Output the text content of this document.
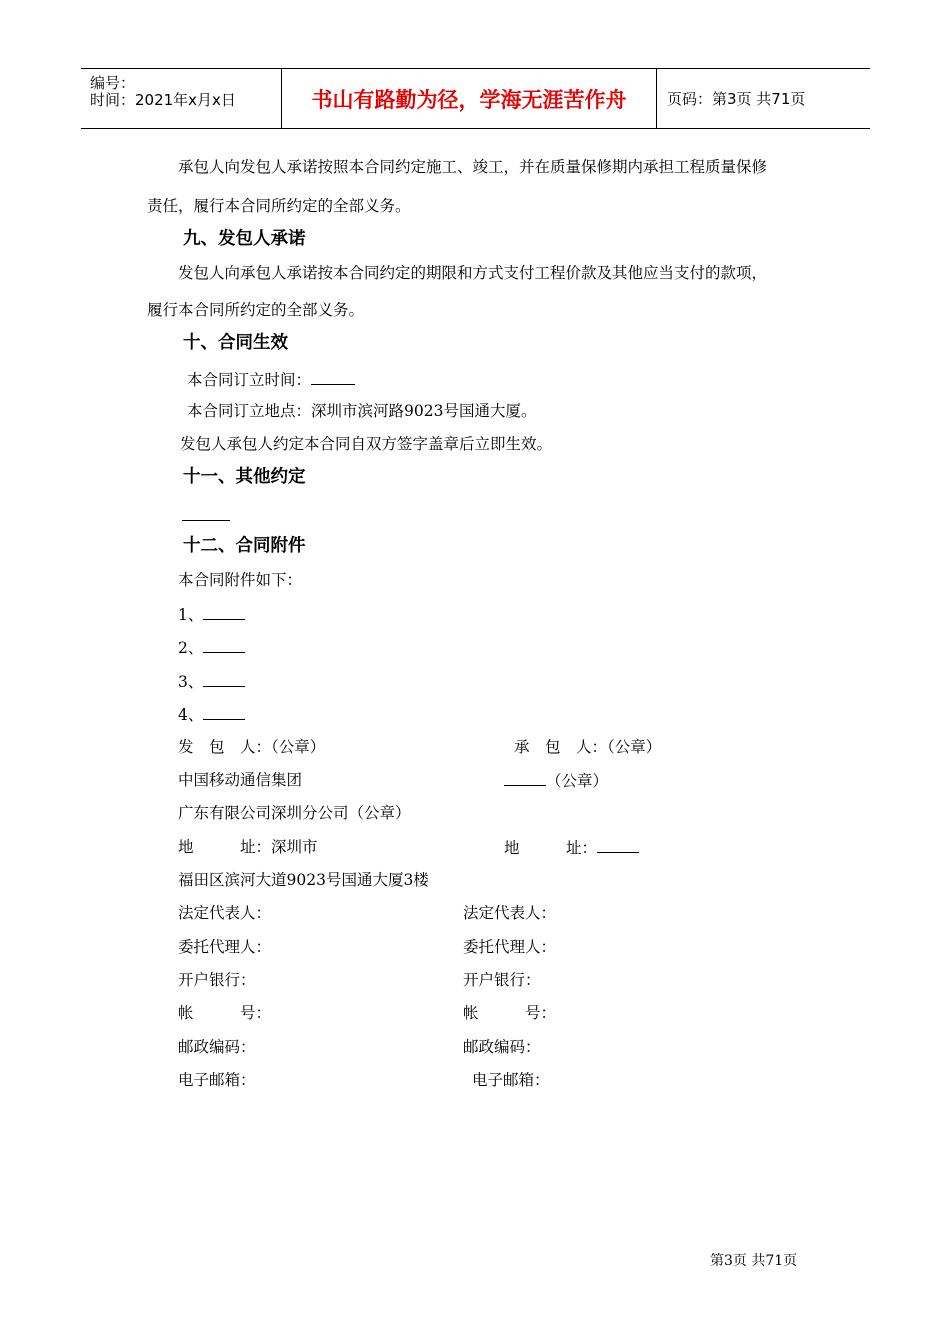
编号：
时间：2021年x月x日	书山有路勤为径，学海无涯苦作舟	页码：第3页 共71页
承包人向发包人承诺按照本合同约定施工、竣工，并在质量保修期内承担工程质量保修
责任，履行本合同所约定的全部义务。
九、发包人承诺
发包人向承包人承诺按本合同约定的期限和方式支付工程价款及其他应当支付的款项，
履行本合同所约定的全部义务。
十、合同生效
本合同订立时间：
本合同订立地点：深圳市滨河路9023号国通大厦。
发包人承包人约定本合同自双方签字盖章后立即生效。
十一、其他约定
十二、合同附件
本合同附件如下：
1、
2、
3、
4、
发　包　人：（公章）	承　包　人：（公章）
中国移动通信集团	（公章）
广东有限公司深圳分公司（公章）
地　　　址：深圳市	地　　　址：
福田区滨河大道9023号国通大厦3楼
法定代表人：	法定代表人：
委托代理人：	委托代理人：
开户银行：	开户银行：
帐　　　号：	帐　　　号：
邮政编码：	邮政编码：
电子邮箱：	电子邮箱：
第3页 共71页
